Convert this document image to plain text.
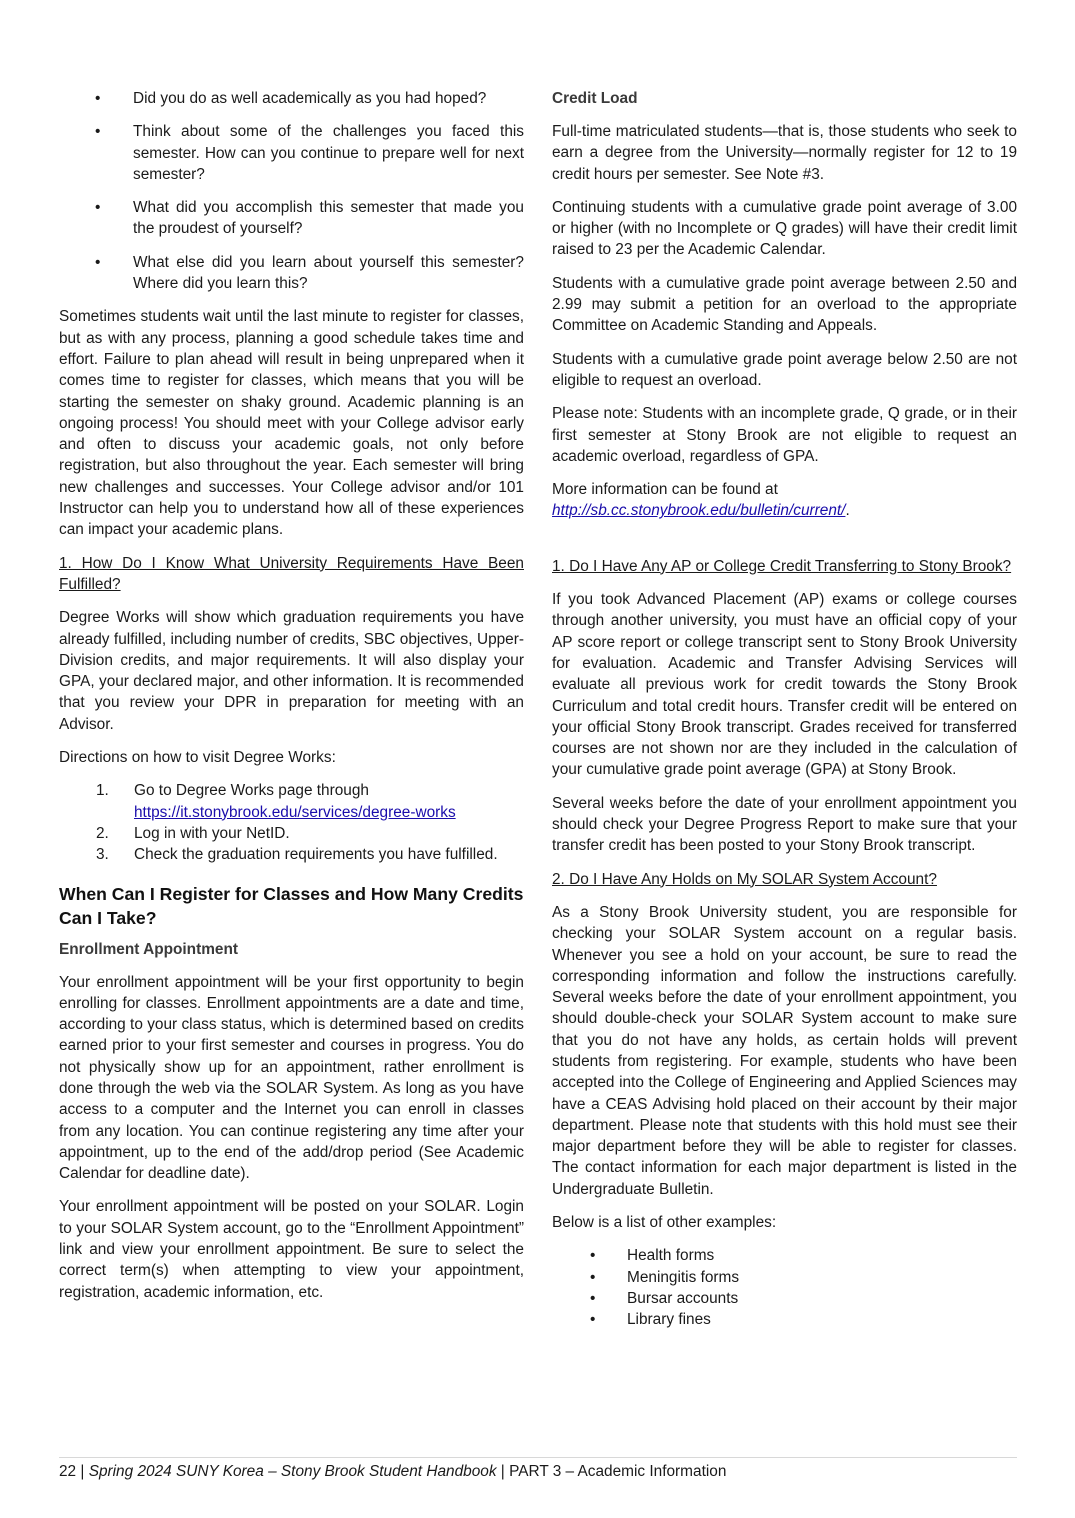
• Did you do as well academically as you had hoped?
• Think about some of the challenges you faced this semester. How can you continue to prepare well for next semester?
• What did you accomplish this semester that made you the proudest of yourself?
• What else did you learn about yourself this semester? Where did you learn this?

Sometimes students wait until the last minute to register for classes, but as with any process, planning a good schedule takes time and effort. Failure to plan ahead will result in being unprepared when it comes time to register for classes, which means that you will be starting the semester on shaky ground. Academic planning is an ongoing process! You should meet with your College advisor early and often to discuss your academic goals, not only before registration, but also throughout the year. Each semester will bring new challenges and successes. Your College advisor and/or 101 Instructor can help you to understand how all of these experiences can impact your academic plans.

1. How Do I Know What University Requirements Have Been Fulfilled?

Degree Works will show which graduation requirements you have already fulfilled, including number of credits, SBC objectives, Upper-Division credits, and major requirements. It will also display your GPA, your declared major, and other information. It is recommended that you review your DPR in preparation for meeting with an Advisor.

Directions on how to visit Degree Works:

1. Go to Degree Works page through
https://it.stonybrook.edu/services/degree-works
2. Log in with your NetID.
3. Check the graduation requirements you have fulfilled.
When Can I Register for Classes and How Many Credits Can I Take?
Enrollment Appointment

Your enrollment appointment will be your first opportunity to begin enrolling for classes. Enrollment appointments are a date and time, according to your class status, which is determined based on credits earned prior to your first semester and courses in progress. You do not physically show up for an appointment, rather enrollment is done through the web via the SOLAR System. As long as you have access to a computer and the Internet you can enroll in classes from any location. You can continue registering any time after your appointment, up to the end of the add/drop period (See Academic Calendar for deadline date).

Your enrollment appointment will be posted on your SOLAR. Login to your SOLAR System account, go to the “Enrollment Appointment” link and view your enrollment appointment. Be sure to select the correct term(s) when attempting to view your appointment, registration, academic information, etc.

Credit Load

Full-time matriculated students—that is, those students who seek to earn a degree from the University—normally register for 12 to 19 credit hours per semester. See Note #3.

Continuing students with a cumulative grade point average of 3.00 or higher (with no Incomplete or Q grades) will have their credit limit raised to 23 per the Academic Calendar.

Students with a cumulative grade point average between 2.50 and 2.99 may submit a petition for an overload to the appropriate Committee on Academic Standing and Appeals.

Students with a cumulative grade point average below 2.50 are not eligible to request an overload.

Please note: Students with an incomplete grade, Q grade, or in their first semester at Stony Brook are not eligible to request an academic overload, regardless of GPA.

More information can be found at
http://sb.cc.stonybrook.edu/bulletin/current/.

1. Do I Have Any AP or College Credit Transferring to Stony Brook?

If you took Advanced Placement (AP) exams or college courses through another university, you must have an official copy of your AP score report or college transcript sent to Stony Brook University for evaluation. Academic and Transfer Advising Services will evaluate all previous work for credit towards the Stony Brook Curriculum and total credit hours. Transfer credit will be entered on your official Stony Brook transcript. Grades received for transferred courses are not shown nor are they included in the calculation of your cumulative grade point average (GPA) at Stony Brook.

Several weeks before the date of your enrollment appointment you should check your Degree Progress Report to make sure that your transfer credit has been posted to your Stony Brook transcript.

2. Do I Have Any Holds on My SOLAR System Account?

As a Stony Brook University student, you are responsible for checking your SOLAR System account on a regular basis. Whenever you see a hold on your account, be sure to read the corresponding information and follow the instructions carefully. Several weeks before the date of your enrollment appointment, you should double-check your SOLAR System account to make sure that you do not have any holds, as certain holds will prevent students from registering. For example, students who have been accepted into the College of Engineering and Applied Sciences may have a CEAS Advising hold placed on their account by their major department. Please note that students with this hold must see their major department before they will be able to register for classes. The contact information for each major department is listed in the Undergraduate Bulletin.

Below is a list of other examples:

• Health forms
• Meningitis forms
• Bursar accounts
• Library fines
22 | Spring 2024 SUNY Korea – Stony Brook Student Handbook | PART 3 – Academic Information
